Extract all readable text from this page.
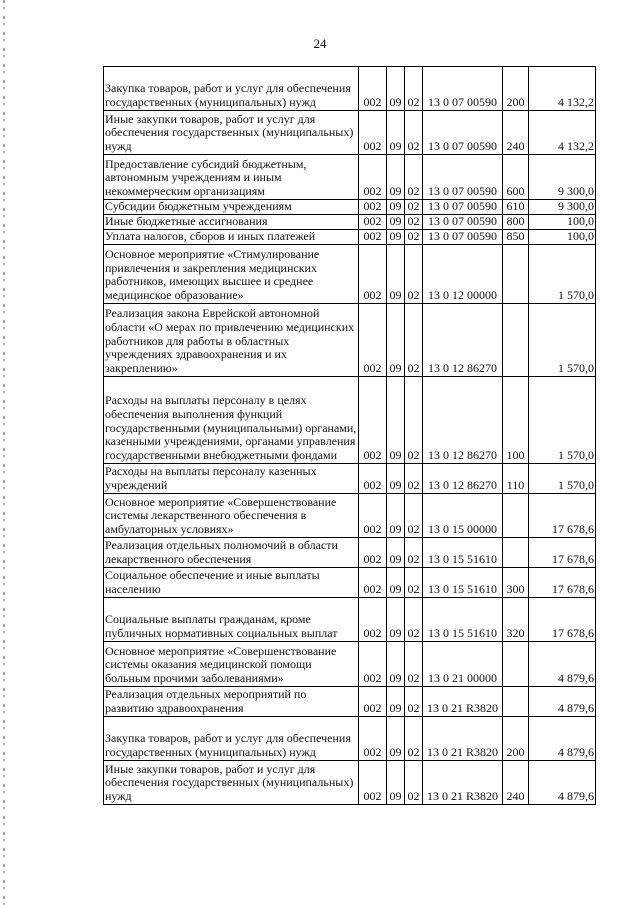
24
Закупка товаров, работ и услуг для обеспечения государственных (муниципальных) нужд	002	09	02	13 0 07 00590	200	4 132,2
Иные закупки товаров, работ и услуг для обеспечения государственных (муниципальных) нужд	002	09	02	13 0 07 00590	240	4 132,2
Предоставление субсидий бюджетным, автономным учреждениям и иным некоммерческим организациям	002	09	02	13 0 07 00590	600	9 300,0
Субсидии бюджетным учреждениям	002	09	02	13 0 07 00590	610	9 300,0
Иные бюджетные ассигнования	002	09	02	13 0 07 00590	800	100,0
Уплата налогов, сборов и иных платежей	002	09	02	13 0 07 00590	850	100,0
Основное мероприятие «Стимулирование привлечения и закрепления медицинских работников, имеющих высшее и среднее медицинское образование»	002	09	02	13 0 12 00000		1 570,0
Реализация закона Еврейской автономной области «О мерах по привлечению медицинских работников для работы в областных учреждениях здравоохранения и их закреплению»	002	09	02	13 0 12 86270		1 570,0
Расходы на выплаты персоналу в целях обеспечения выполнения функций государственными (муниципальными) органами, казенными учреждениями, органами управления государственными внебюджетными фондами	002	09	02	13 0 12 86270	100	1 570,0
Расходы на выплаты персоналу казенных учреждений	002	09	02	13 0 12 86270	110	1 570,0
Основное мероприятие «Совершенствование системы лекарственного обеспечения в амбулаторных условиях»	002	09	02	13 0 15 00000		17 678,6
Реализация отдельных полномочий в области лекарственного обеспечения	002	09	02	13 0 15 51610		17 678,6
Социальное обеспечение и иные выплаты населению	002	09	02	13 0 15 51610	300	17 678,6
Социальные выплаты гражданам, кроме публичных нормативных социальных выплат	002	09	02	13 0 15 51610	320	17 678,6
Основное мероприятие «Совершенствование системы оказания медицинской помощи больным прочими заболеваниями»	002	09	02	13 0 21 00000		4 879,6
Реализация отдельных мероприятий по развитию здравоохранения	002	09	02	13 0 21 R3820		4 879,6
Закупка товаров, работ и услуг для обеспечения государственных (муниципальных) нужд	002	09	02	13 0 21 R3820	200	4 879,6
Иные закупки товаров, работ и услуг для обеспечения государственных (муниципальных) нужд	002	09	02	13 0 21 R3820	240	4 879,6
